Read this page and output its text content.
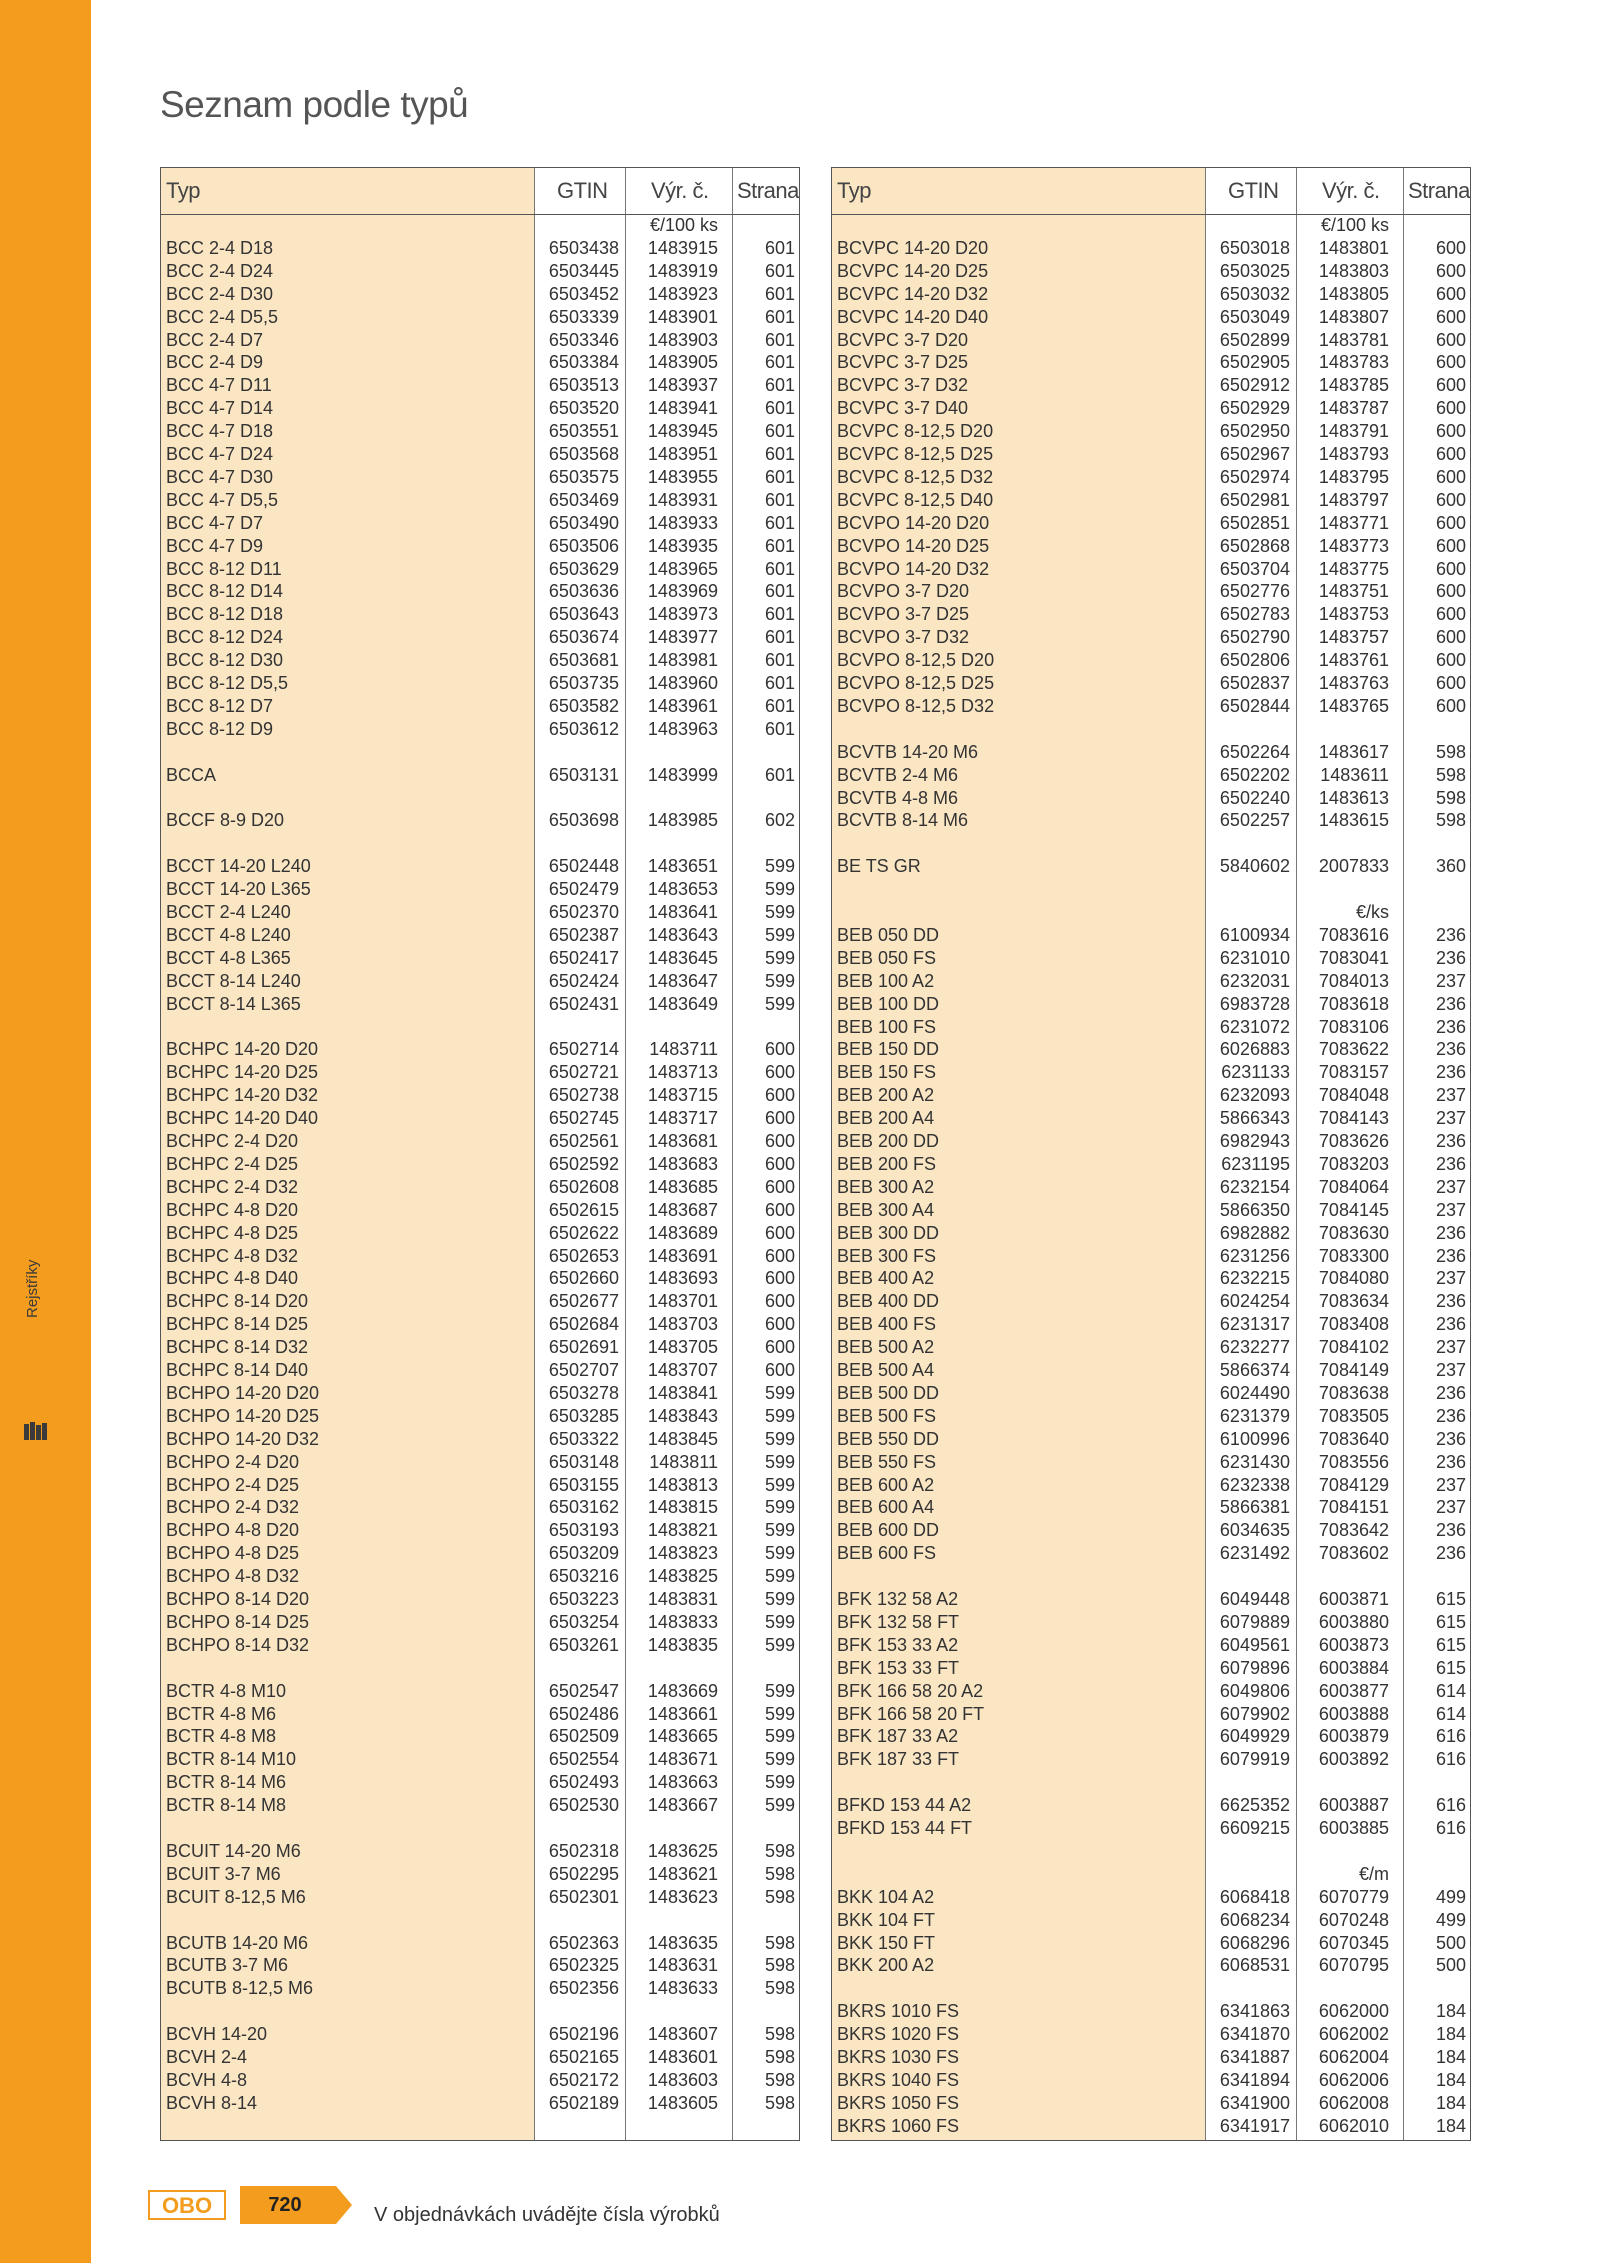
Rejstříky
Seznam podle typů
Typ	GTIN Výr. č. Strana
€/100 ks
BCC 2-4 D18	6503438 1483915	601
BCC 2-4 D24	6503445 1483919	601
BCC 2-4 D30	6503452 1483923	601
BCC 2-4 D5,5	6503339 1483901	601
BCC 2-4 D7	6503346 1483903	601
BCC 2-4 D9	6503384 1483905	601
BCC 4-7 D11	6503513 1483937	601
BCC 4-7 D14	6503520 1483941	601
BCC 4-7 D18	6503551 1483945	601
BCC 4-7 D24	6503568 1483951	601
BCC 4-7 D30	6503575 1483955	601
BCC 4-7 D5,5	6503469 1483931	601
BCC 4-7 D7	6503490 1483933	601
BCC 4-7 D9	6503506 1483935	601
BCC 8-12 D11	6503629 1483965	601
BCC 8-12 D14	6503636 1483969	601
BCC 8-12 D18	6503643 1483973	601
BCC 8-12 D24	6503674 1483977	601
BCC 8-12 D30	6503681 1483981	601
BCC 8-12 D5,5	6503735 1483960	601
BCC 8-12 D7	6503582 1483961	601
BCC 8-12 D9	6503612 1483963	601
BCCA	6503131 1483999	601
BCCF 8-9 D20	6503698 1483985	602
BCCT 14-20 L240	6502448 1483651	599
BCCT 14-20 L365	6502479 1483653	599
BCCT 2-4 L240	6502370 1483641	599
BCCT 4-8 L240	6502387 1483643	599
BCCT 4-8 L365	6502417 1483645	599
BCCT 8-14 L240	6502424 1483647	599
BCCT 8-14 L365	6502431 1483649	599
BCHPC 14-20 D20	6502714 1483711	600
BCHPC 14-20 D25	6502721 1483713	600
BCHPC 14-20 D32	6502738 1483715	600
BCHPC 14-20 D40	6502745 1483717	600
BCHPC 2-4 D20	6502561 1483681	600
BCHPC 2-4 D25	6502592 1483683	600
BCHPC 2-4 D32	6502608 1483685	600
BCHPC 4-8 D20	6502615 1483687	600
BCHPC 4-8 D25	6502622 1483689	600
BCHPC 4-8 D32	6502653 1483691	600
BCHPC 4-8 D40	6502660 1483693	600
BCHPC 8-14 D20	6502677 1483701	600
BCHPC 8-14 D25	6502684 1483703	600
BCHPC 8-14 D32	6502691 1483705	600
BCHPC 8-14 D40	6502707 1483707	600
BCHPO 14-20 D20	6503278 1483841	599
BCHPO 14-20 D25	6503285 1483843	599
BCHPO 14-20 D32	6503322 1483845	599
BCHPO 2-4 D20	6503148 1483811	599
BCHPO 2-4 D25	6503155 1483813	599
BCHPO 2-4 D32	6503162 1483815	599
BCHPO 4-8 D20	6503193 1483821	599
BCHPO 4-8 D25	6503209 1483823	599
BCHPO 4-8 D32	6503216 1483825	599
BCHPO 8-14 D20	6503223 1483831	599
BCHPO 8-14 D25	6503254 1483833	599
BCHPO 8-14 D32	6503261 1483835	599
BCTR 4-8 M10	6502547 1483669	599
BCTR 4-8 M6	6502486 1483661	599
BCTR 4-8 M8	6502509 1483665	599
BCTR 8-14 M10	6502554 1483671	599
BCTR 8-14 M6	6502493 1483663	599
BCTR 8-14 M8	6502530 1483667	599
BCUIT 14-20 M6	6502318 1483625	598
BCUIT 3-7 M6	6502295 1483621	598
BCUIT 8-12,5 M6	6502301 1483623	598
BCUTB 14-20 M6	6502363 1483635	598
BCUTB 3-7 M6	6502325 1483631	598
BCUTB 8-12,5 M6	6502356 1483633	598
BCVH 14-20	6502196 1483607	598
BCVH 2-4	6502165 1483601	598
BCVH 4-8	6502172 1483603	598
BCVH 8-14	6502189 1483605	598
Typ	GTIN Výr. č. Strana
€/100 ks
BCVPC 14-20 D20	6503018 1483801	600
BCVPC 14-20 D25	6503025 1483803	600
BCVPC 14-20 D32	6503032 1483805	600
BCVPC 14-20 D40	6503049 1483807	600
BCVPC 3-7 D20	6502899 1483781	600
BCVPC 3-7 D25	6502905 1483783	600
BCVPC 3-7 D32	6502912 1483785	600
BCVPC 3-7 D40	6502929 1483787	600
BCVPC 8-12,5 D20	6502950 1483791	600
BCVPC 8-12,5 D25	6502967 1483793	600
BCVPC 8-12,5 D32	6502974 1483795	600
BCVPC 8-12,5 D40	6502981 1483797	600
BCVPO 14-20 D20	6502851 1483771	600
BCVPO 14-20 D25	6502868 1483773	600
BCVPO 14-20 D32	6503704 1483775	600
BCVPO 3-7 D20	6502776 1483751	600
BCVPO 3-7 D25	6502783 1483753	600
BCVPO 3-7 D32	6502790 1483757	600
BCVPO 8-12,5 D20	6502806 1483761	600
BCVPO 8-12,5 D25	6502837 1483763	600
BCVPO 8-12,5 D32	6502844 1483765	600
BCVTB 14-20 M6	6502264 1483617	598
BCVTB 2-4 M6	6502202 1483611	598
BCVTB 4-8 M6	6502240 1483613	598
BCVTB 8-14 M6	6502257 1483615	598
BE TS GR	5840602 2007833	360
€/ks
BEB 050 DD	6100934 7083616	236
BEB 050 FS	6231010 7083041	236
BEB 100 A2	6232031 7084013	237
BEB 100 DD	6983728 7083618	236
BEB 100 FS	6231072 7083106	236
BEB 150 DD	6026883 7083622	236
BEB 150 FS	6231133 7083157	236
BEB 200 A2	6232093 7084048	237
BEB 200 A4	5866343 7084143	237
BEB 200 DD	6982943 7083626	236
BEB 200 FS	6231195 7083203	236
BEB 300 A2	6232154 7084064	237
BEB 300 A4	5866350 7084145	237
BEB 300 DD	6982882 7083630	236
BEB 300 FS	6231256 7083300	236
BEB 400 A2	6232215 7084080	237
BEB 400 DD	6024254 7083634	236
BEB 400 FS	6231317 7083408	236
BEB 500 A2	6232277 7084102	237
BEB 500 A4	5866374 7084149	237
BEB 500 DD	6024490 7083638	236
BEB 500 FS	6231379 7083505	236
BEB 550 DD	6100996 7083640	236
BEB 550 FS	6231430 7083556	236
BEB 600 A2	6232338 7084129	237
BEB 600 A4	5866381 7084151	237
BEB 600 DD	6034635 7083642	236
BEB 600 FS	6231492 7083602	236
BFK 132 58 A2	6049448 6003871	615
BFK 132 58 FT	6079889 6003880	615
BFK 153 33 A2	6049561 6003873	615
BFK 153 33 FT	6079896 6003884	615
BFK 166 58 20 A2	6049806 6003877	614
BFK 166 58 20 FT	6079902 6003888	614
BFK 187 33 A2	6049929 6003879	616
BFK 187 33 FT	6079919 6003892	616
BFKD 153 44 A2	6625352 6003887	616
BFKD 153 44 FT	6609215 6003885	616
€/m
BKK 104 A2	6068418 6070779	499
BKK 104 FT	6068234 6070248	499
BKK 150 FT	6068296 6070345	500
BKK 200 A2	6068531 6070795	500
BKRS 1010 FS	6341863 6062000	184
BKRS 1020 FS	6341870 6062002	184
BKRS 1030 FS	6341887 6062004	184
BKRS 1040 FS	6341894 6062006	184
BKRS 1050 FS	6341900 6062008	184
BKRS 1060 FS	6341917 6062010	184
OBO	720	V objednávkách uvádějte čísla výrobků
